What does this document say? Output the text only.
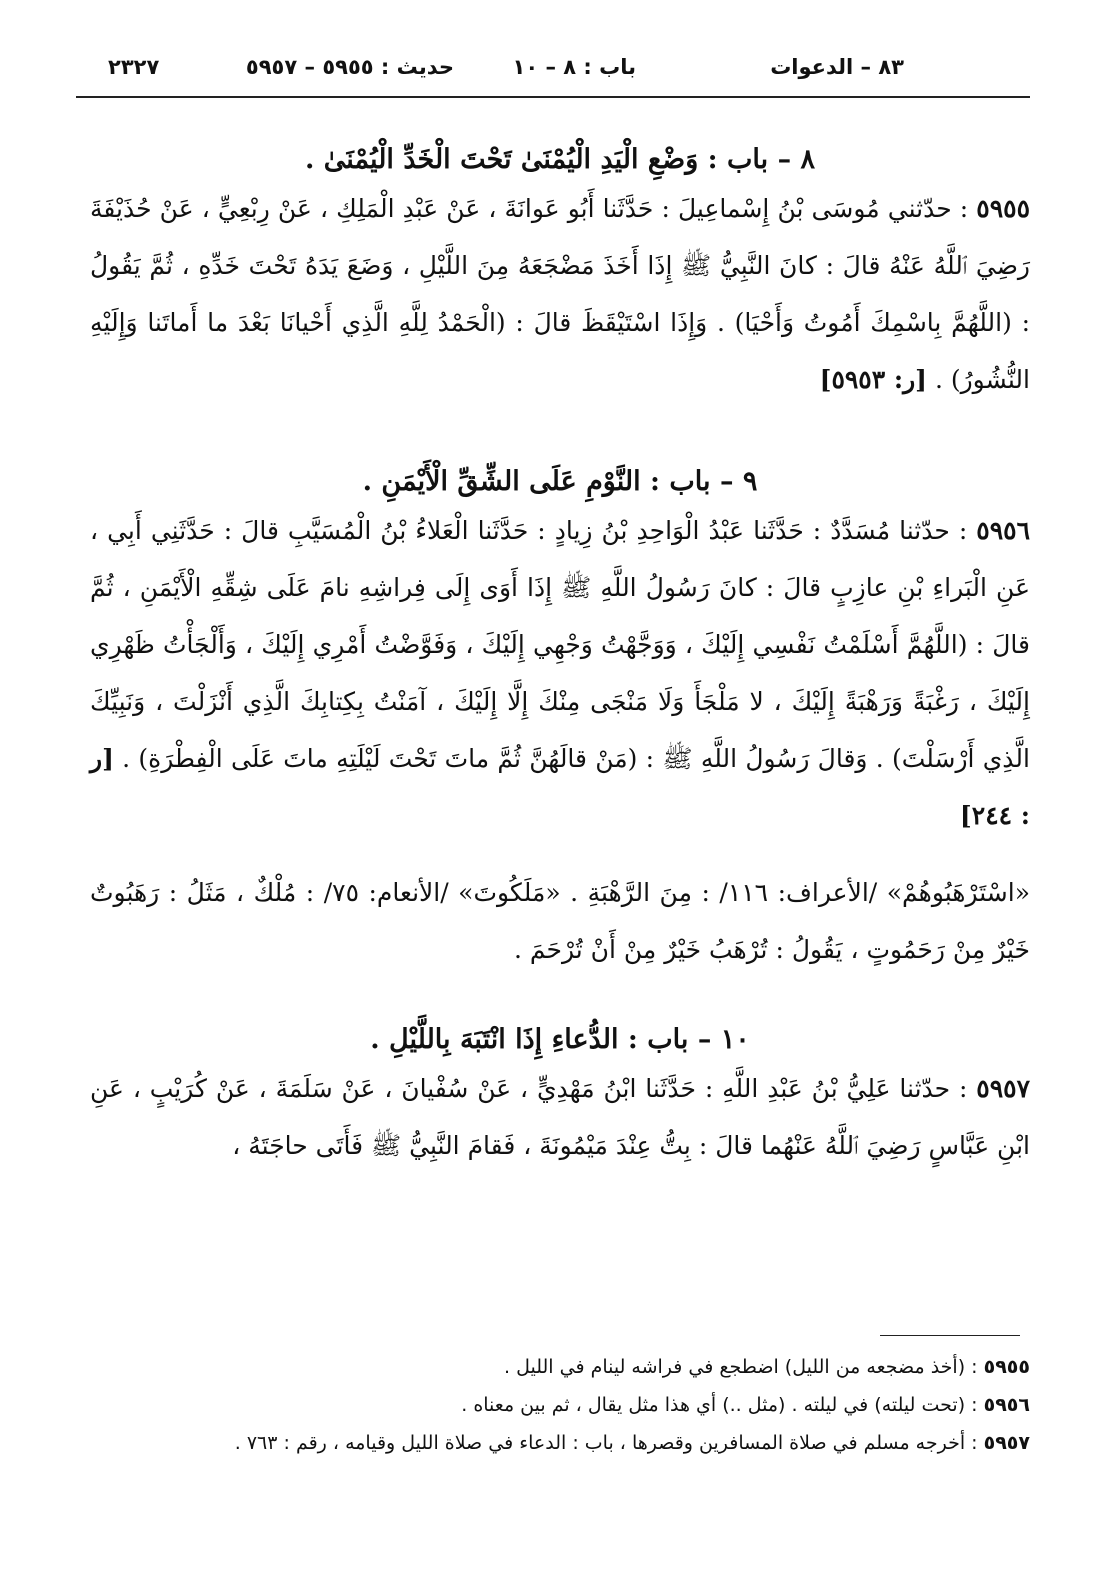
٨٣ – الدعوات
باب : ٨ – ١٠
حديث : ٥٩٥٥ – ٥٩٥٧
٢٣٢٧
٨ – باب : وَضْعِ الْيَدِ الْيُمْنَىٰ تَحْتَ الْخَدِّ الْيُمْنَىٰ .

٥٩٥٥ : حدّثني مُوسَى بْنُ إِسْماعِيلَ : حَدَّثَنا أَبُو عَوانَةَ ، عَنْ عَبْدِ الْمَلِكِ ، عَنْ رِبْعِيٍّ ، عَنْ حُذَيْفَةَ رَضِيَ ٱللَّهُ عَنْهُ قالَ : كانَ النَّبِيُّ ﷺ إِذَا أَخَذَ مَضْجَعَهُ مِنَ اللَّيْلِ ، وَضَعَ يَدَهُ تَحْتَ خَدِّهِ ، ثُمَّ يَقُولُ : (اللَّهُمَّ بِاسْمِكَ أَمُوتُ وَأَحْيَا) . وَإِذَا اسْتَيْقَظَ قالَ : (الْحَمْدُ لِلَّهِ الَّذِي أَحْيانَا بَعْدَ ما أَماتَنا وَإِلَيْهِ النُّشُورُ) . [ر: ٥٩٥٣]

٩ – باب : النَّوْمِ عَلَى الشِّقِّ الْأَيْمَنِ .

٥٩٥٦ : حدّثنا مُسَدَّدٌ : حَدَّثَنا عَبْدُ الْوَاحِدِ بْنُ زِيادٍ : حَدَّثَنا الْعَلاءُ بْنُ الْمُسَيَّبِ قالَ : حَدَّثَنِي أَبِي ، عَنِ الْبَراءِ بْنِ عازِبٍ قالَ : كانَ رَسُولُ اللَّهِ ﷺ إِذَا أَوَى إِلَى فِراشِهِ نامَ عَلَى شِقِّهِ الْأَيْمَنِ ، ثُمَّ قالَ : (اللَّهُمَّ أَسْلَمْتُ نَفْسِي إِلَيْكَ ، وَوَجَّهْتُ وَجْهِي إِلَيْكَ ، وَفَوَّضْتُ أَمْرِي إِلَيْكَ ، وَأَلْجَأْتُ ظَهْرِي إِلَيْكَ ، رَغْبَةً وَرَهْبَةً إِلَيْكَ ، لا مَلْجَأَ وَلَا مَنْجَى مِنْكَ إِلَّا إِلَيْكَ ، آمَنْتُ بِكِتابِكَ الَّذِي أَنْزَلْتَ ، وَنَبِيِّكَ الَّذِي أَرْسَلْتَ) . وَقالَ رَسُولُ اللَّهِ ﷺ : (مَنْ قالَهُنَّ ثُمَّ ماتَ تَحْتَ لَيْلَتِهِ ماتَ عَلَى الْفِطْرَةِ) . [ر : ٢٤٤]

«اسْتَرْهَبُوهُمْ» /الأعراف: ١١٦/ : مِنَ الرَّهْبَةِ . «مَلَكُوتَ» /الأنعام: ٧٥/ : مُلْكٌ ، مَثَلُ : رَهَبُوتٌ خَيْرٌ مِنْ رَحَمُوتٍ ، يَقُولُ : تُرْهَبُ خَيْرٌ مِنْ أَنْ تُرْحَمَ .

١٠ – باب : الدُّعاءِ إِذَا انْتَبَهَ بِاللَّيْلِ .

٥٩٥٧ : حدّثنا عَلِيُّ بْنُ عَبْدِ اللَّهِ : حَدَّثَنا ابْنُ مَهْدِيٍّ ، عَنْ سُفْيانَ ، عَنْ سَلَمَةَ ، عَنْ كُرَيْبٍ ، عَنِ ابْنِ عَبَّاسٍ رَضِيَ ٱللَّهُ عَنْهُما قالَ : بِتُّ عِنْدَ مَيْمُونَةَ ، فَقامَ النَّبِيُّ ﷺ فَأَتَى حاجَتَهُ ،

٥٩٥٥ : (أخذ مضجعه من الليل) اضطجع في فراشه لينام في الليل .
٥٩٥٦ : (تحت ليلته) في ليلته . (مثل ..) أي هذا مثل يقال ، ثم بين معناه .
٥٩٥٧ : أخرجه مسلم في صلاة المسافرين وقصرها ، باب : الدعاء في صلاة الليل وقيامه ، رقم : ٧٦٣ .
